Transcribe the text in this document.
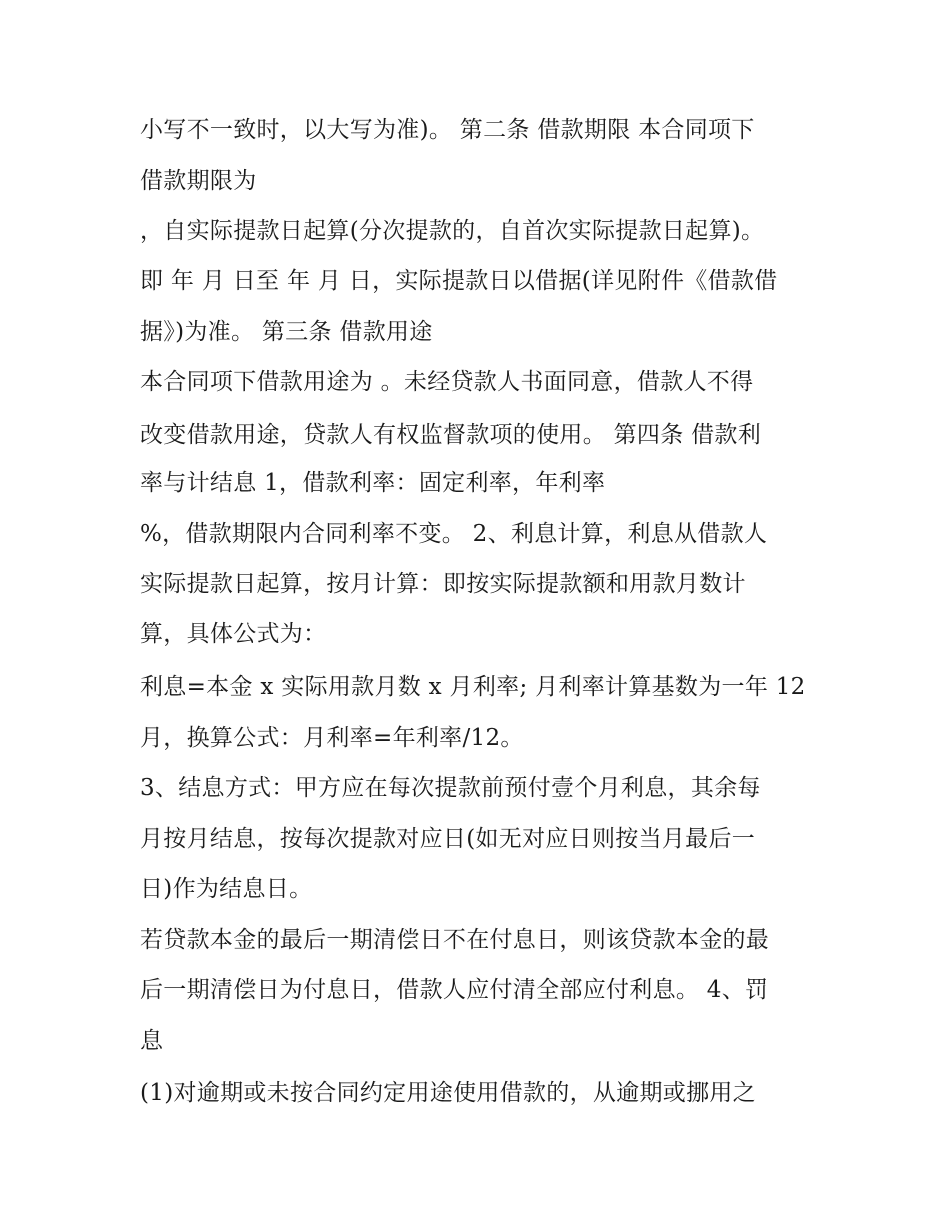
小写不一致时，以大写为准)。 第二条 借款期限 本合同项下
借款期限为
，自实际提款日起算(分次提款的，自首次实际提款日起算)。
即 年 月 日至 年 月 日，实际提款日以借据(详见附件《借款借
据》)为准。 第三条 借款用途
本合同项下借款用途为 。未经贷款人书面同意，借款人不得
改变借款用途，贷款人有权监督款项的使用。 第四条 借款利
率与计结息 1，借款利率：固定利率，年利率
%，借款期限内合同利率不变。 2、利息计算，利息从借款人
实际提款日起算，按月计算：即按实际提款额和用款月数计
算，具体公式为：
利息=本金 x 实际用款月数 x 月利率; 月利率计算基数为一年 12
月，换算公式：月利率=年利率/12。
3、结息方式：甲方应在每次提款前预付壹个月利息，其余每
月按月结息，按每次提款对应日(如无对应日则按当月最后一
日)作为结息日。
若贷款本金的最后一期清偿日不在付息日，则该贷款本金的最
后一期清偿日为付息日，借款人应付清全部应付利息。 4、罚
息
(1)对逾期或未按合同约定用途使用借款的，从逾期或挪用之
